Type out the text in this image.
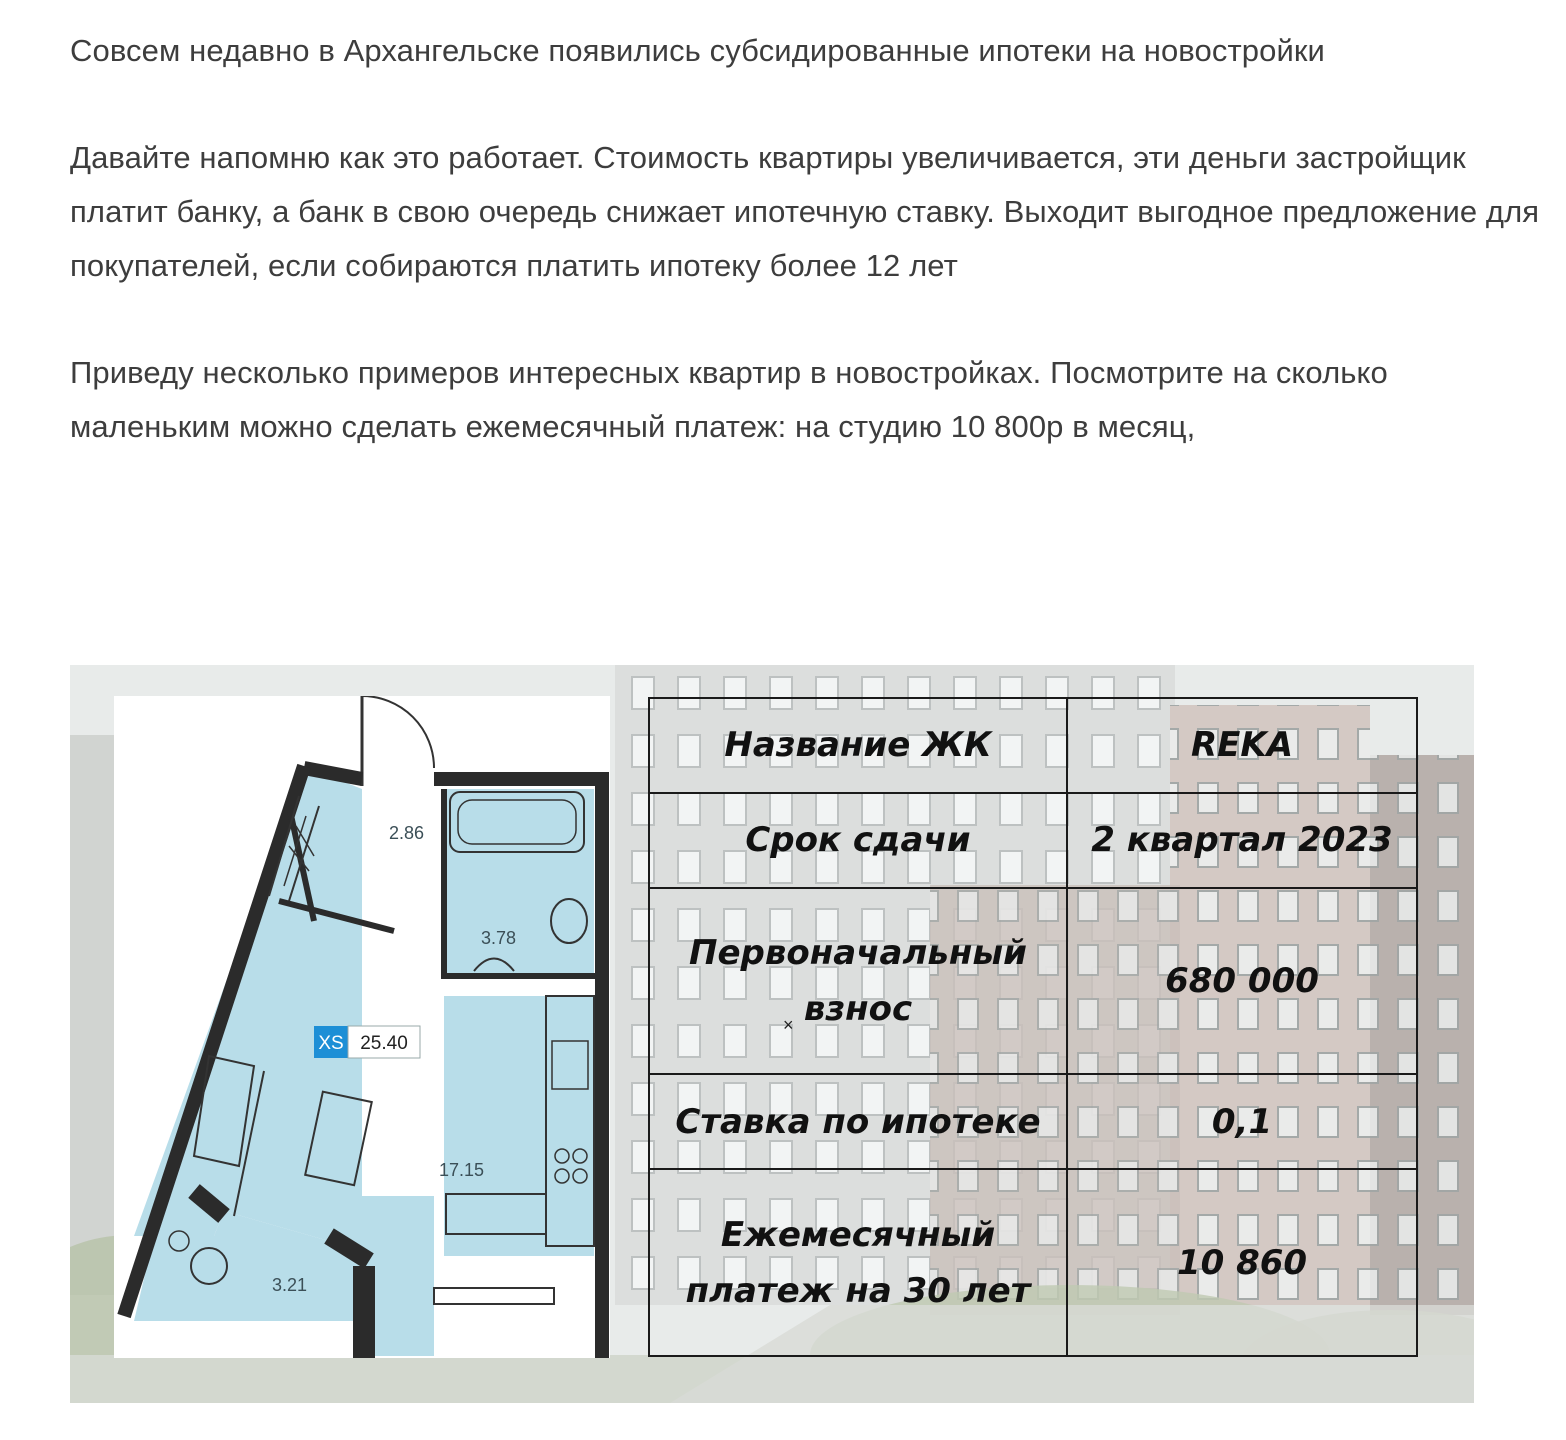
Совсем недавно в Архангельске появились субсидированные ипотеки на новостройки

Давайте напомню как это работает. Стоимость квартиры увеличивается, эти деньги застройщик платит банку, а банк в свою очередь снижает ипотечную ставку. Выходит выгодное предложение для покупателей, если собираются платить ипотеку более 12 лет

Приведу несколько примеров интересных квартир в новостройках. Посмотрите на сколько маленьким можно сделать ежемесячный платеж: на студию 10 800р в месяц,

2.86
3.78
17.15
3.21
XS 25.40
Название ЖК	REKA
Срок сдачи	2 квартал 2023
Первоначальный взнос	680 000
Ставка по ипотеке	0,1
Ежемесячный платеж на 30 лет	10 860
×
